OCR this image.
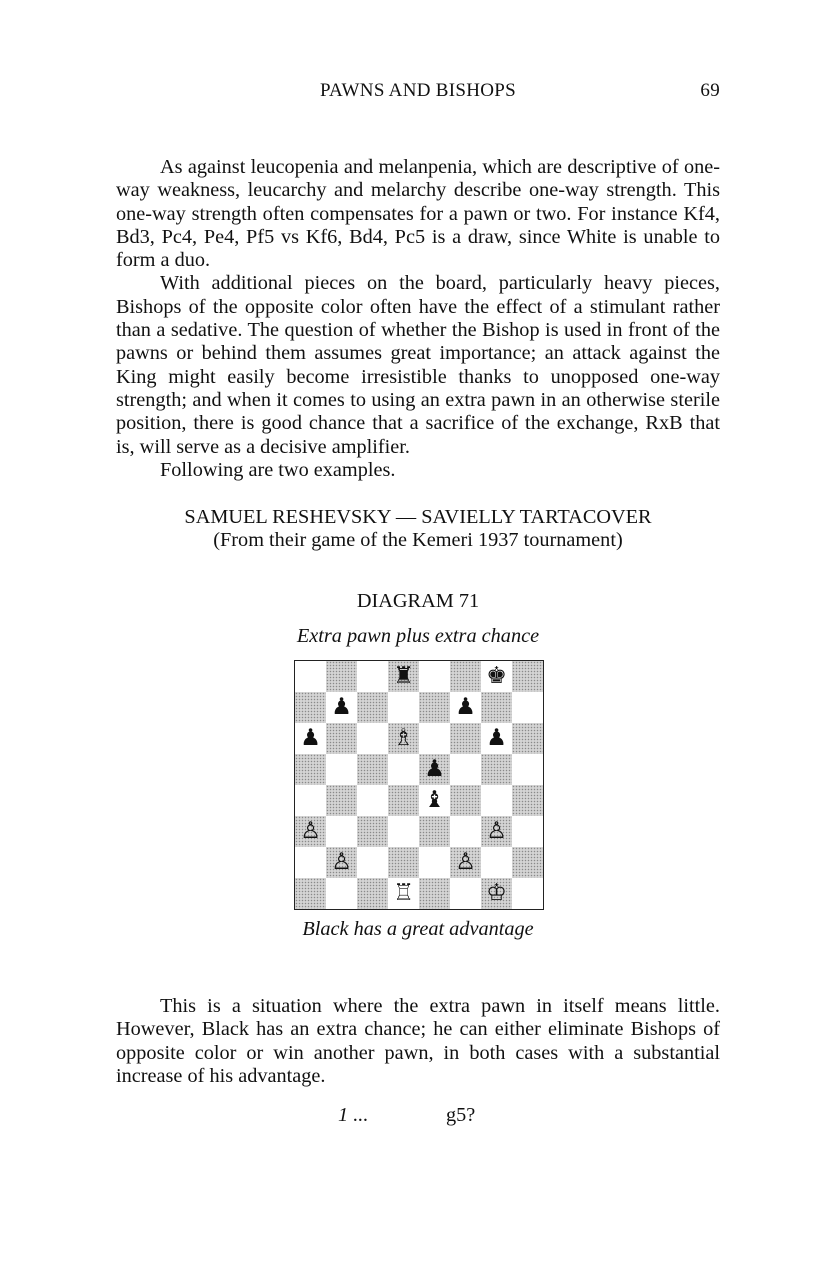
PAWNS AND BISHOPS	69

As against leucopenia and melanpenia, which are descriptive of one-way weakness, leucarchy and melarchy describe one-way strength. This one-way strength often compensates for a pawn or two. For instance Kf4, Bd3, Pc4, Pe4, Pf5 vs Kf6, Bd4, Pc5 is a draw, since White is unable to form a duo.

With additional pieces on the board, particularly heavy pieces, Bishops of the opposite color often have the effect of a stimulant rather than a sedative. The question of whether the Bishop is used in front of the pawns or behind them assumes great importance; an attack against the King might easily become irresistible thanks to unopposed one-way strength; and when it comes to using an extra pawn in an otherwise sterile position, there is good chance that a sacrifice of the exchange, RxB that is, will serve as a decisive amplifier.

Following are two examples.

SAMUEL RESHEVSKY — SAVIELLY TARTACOVER
(From their game of the Kemeri 1937 tournament)
DIAGRAM 71
Extra pawn plus extra chance
♜	♚
♟	♟
♟	♗	♟
♟
♝
♙	♙
♙	♙
♖	♔
Black has a great advantage

This is a situation where the extra pawn in itself means little. However, Black has an extra chance; he can either eliminate Bishops of opposite color or win another pawn, in both cases with a substantial increase of his advantage.

1 ...	g5?
